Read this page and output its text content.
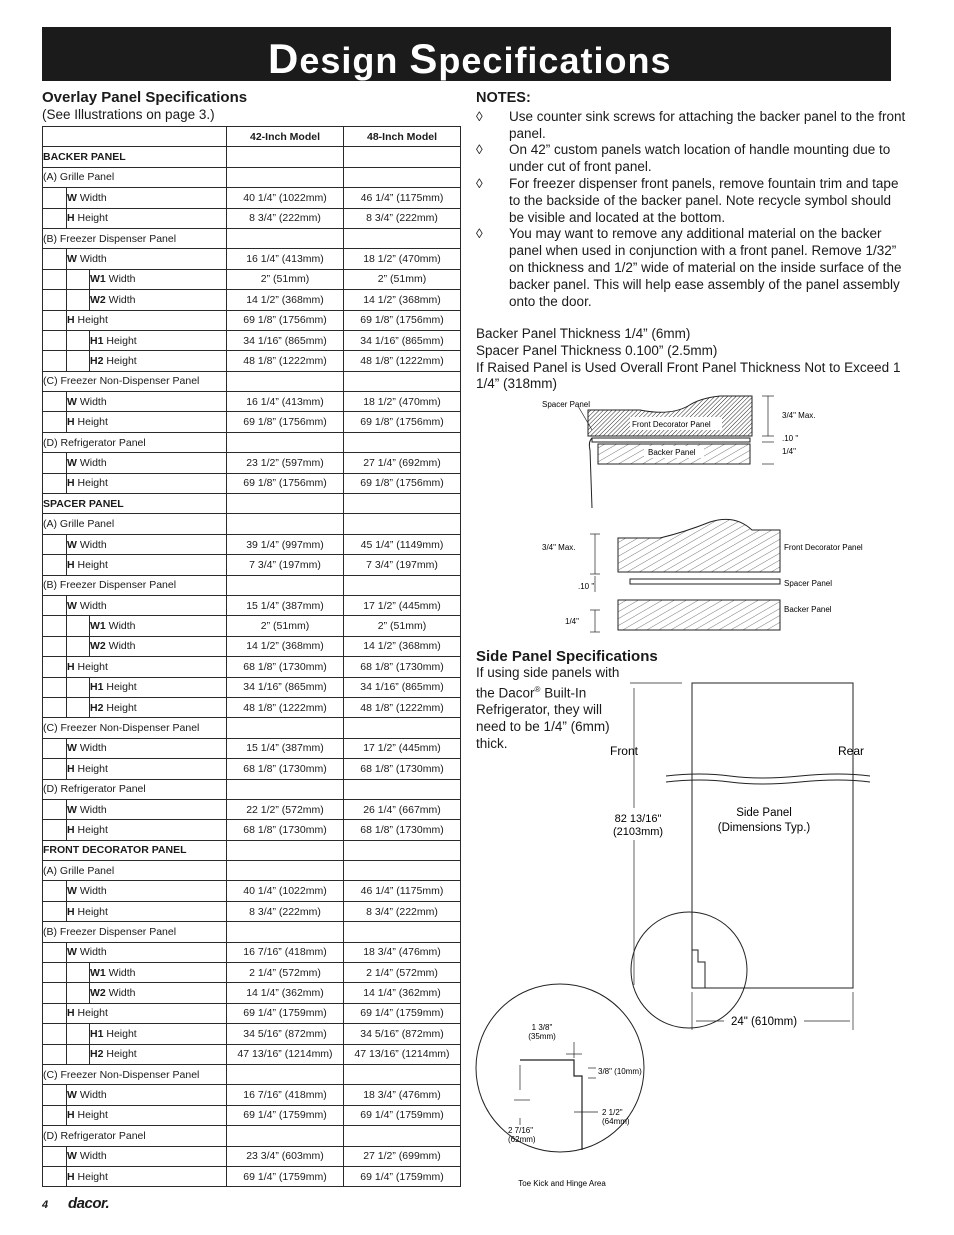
Design Specifications
Overlay Panel Specifications
(See Illustrations on page 3.)
			42-Inch Model	48-Inch Model
BACKER PANEL				
(A) Grille Panel				
	W Width		40 1/4” (1022mm)	46 1/4” (1175mm)
	H Height		8 3/4” (222mm)	8 3/4” (222mm)
(B) Freezer Dispenser Panel				
	W Width		16 1/4” (413mm)	18 1/2” (470mm)
		W1 Width	2” (51mm)	2” (51mm)
		W2 Width	14 1/2” (368mm)	14 1/2” (368mm)
	H Height		69 1/8” (1756mm)	69 1/8” (1756mm)
		H1 Height	34 1/16” (865mm)	34 1/16” (865mm)
		H2 Height	48 1/8” (1222mm)	48 1/8” (1222mm)
(C) Freezer Non-Dispenser Panel				
	W Width		16 1/4” (413mm)	18 1/2” (470mm)
	H Height		69 1/8” (1756mm)	69 1/8” (1756mm)
(D) Refrigerator Panel				
	W Width		23 1/2” (597mm)	27 1/4” (692mm)
	H Height		69 1/8” (1756mm)	69 1/8” (1756mm)
SPACER PANEL				
(A) Grille Panel				
	W Width		39 1/4” (997mm)	45 1/4” (1149mm)
	H Height		7 3/4” (197mm)	7 3/4” (197mm)
(B) Freezer Dispenser Panel				
	W Width		15 1/4” (387mm)	17 1/2” (445mm)
		W1 Width	2” (51mm)	2” (51mm)
		W2 Width	14 1/2” (368mm)	14 1/2” (368mm)
	H Height		68 1/8” (1730mm)	68 1/8” (1730mm)
		H1 Height	34 1/16” (865mm)	34 1/16” (865mm)
		H2 Height	48 1/8” (1222mm)	48 1/8” (1222mm)
(C) Freezer Non-Dispenser Panel				
	W Width		15 1/4” (387mm)	17 1/2” (445mm)
	H Height		68 1/8” (1730mm)	68 1/8” (1730mm)
(D) Refrigerator Panel				
	W Width		22 1/2” (572mm)	26 1/4” (667mm)
	H Height		68 1/8” (1730mm)	68 1/8” (1730mm)
FRONT DECORATOR PANEL				
(A) Grille Panel				
	W Width		40 1/4” (1022mm)	46 1/4” (1175mm)
	H Height		8 3/4” (222mm)	8 3/4” (222mm)
(B) Freezer Dispenser Panel				
	W Width		16 7/16” (418mm)	18 3/4” (476mm)
		W1 Width	2 1/4” (572mm)	2 1/4” (572mm)
		W2 Width	14 1/4” (362mm)	14 1/4” (362mm)
	H Height		69 1/4” (1759mm)	69 1/4” (1759mm)
		H1 Height	34 5/16” (872mm)	34 5/16” (872mm)
		H2 Height	47 13/16” (1214mm)	47 13/16” (1214mm)
(C) Freezer Non-Dispenser Panel				
	W Width		16 7/16” (418mm)	18 3/4” (476mm)
	H Height		69 1/4” (1759mm)	69 1/4” (1759mm)
(D) Refrigerator Panel				
	W Width		23 3/4” (603mm)	27 1/2” (699mm)
	H Height		69 1/4” (1759mm)	69 1/4” (1759mm)
NOTES:
◊ Use counter sink screws for attaching the backer panel to the front panel.
◊ On 42” custom panels watch location of handle mounting due to under cut of front panel.
◊ For freezer dispenser front panels, remove fountain trim and tape to the backside of the backer panel. Note recycle symbol should be visible and located at the bottom.
◊ You may want to remove any additional material on the backer panel when used in conjunction with a front panel. Remove 1/32” on thickness and 1/2” wide of material on the inside surface of the backer panel. This will help ease assembly of the panel assembly onto the door.
Backer Panel Thickness 1/4” (6mm)
Spacer Panel Thickness 0.100” (2.5mm)
If Raised Panel is Used Overall Front Panel Thickness Not to Exceed 1 1/4” (318mm)
Spacer Panel
Front Decorator Panel
Backer Panel
3/4" Max.
.10 "
1/4"
3/4" Max.
.10 "
1/4"
Front Decorator Panel
Spacer Panel
Backer Panel
Side Panel Specifications
If using side panels with the Dacor® Built-In Refrigerator, they will need to be 1/4” (6mm) thick.
Front	Rear
82 13/16"
(2103mm)
Side Panel
(Dimensions Typ.)
24" (610mm)
1 3/8"
(35mm)
3/8" (10mm)
2 1/2"
(64mm)
2 7/16"
(62mm)
Toe Kick and Hinge Area
4 dacor.
